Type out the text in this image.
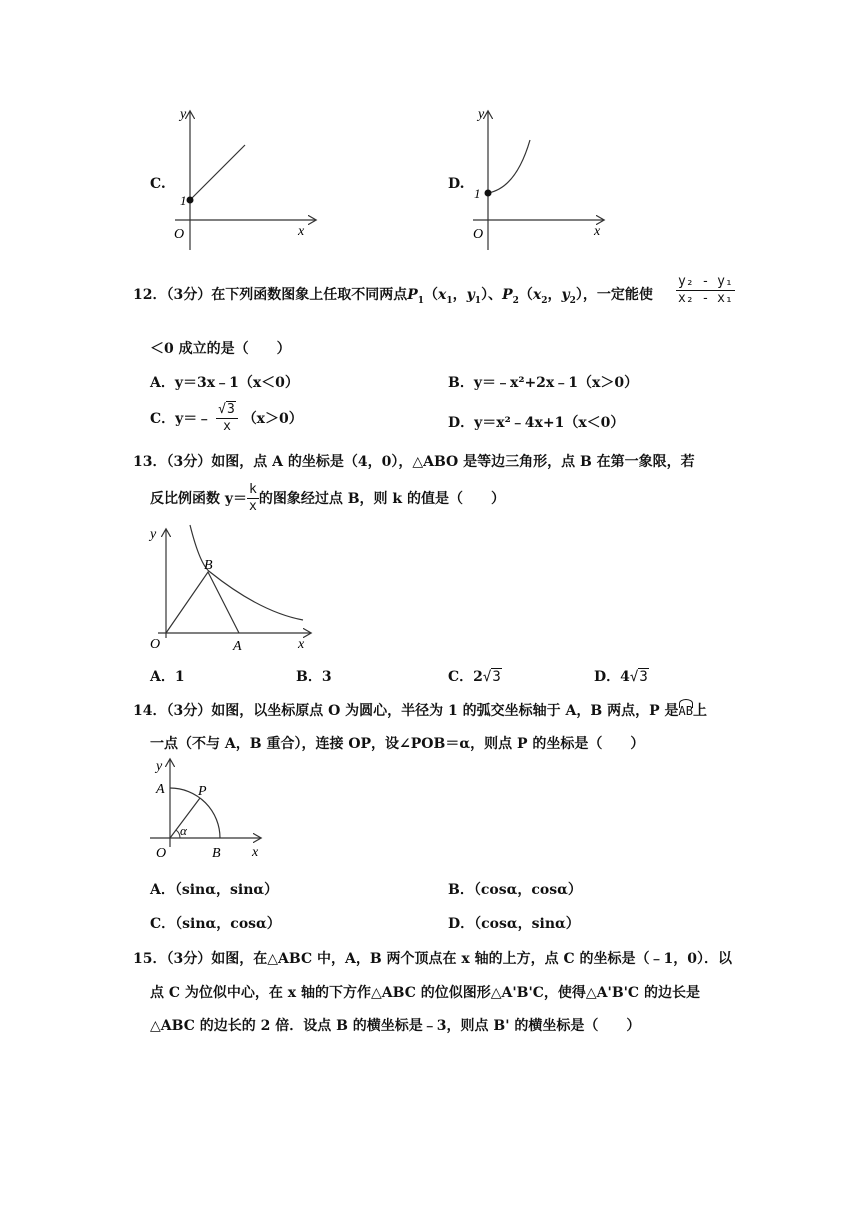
C.
y
x
O
1
D.
y
x
O
1
12．（3分）在下列函数图象上任取不同两点$P_1(x_1$，$y_1$）、$P_2(x_2$，$y_2$），一定能使 $\frac{\text{y₂ - y₁}}{\text{x₂ - x₁}}$
＜0 成立的是（　　）
A．y＝3x﹣1（x＜0）	B．y＝﹣x²+2x﹣1（x＞0）
C．y＝﹣ $\frac{√3}{x} (x>0)$	D．y＝x²﹣4x+1（x＜0）
13．（3分）如图，点 A 的坐标是（4，0），△ABO 是等边三角形，点 B 在第一象限，若
反比例函数 $y= \frac{k}{x}$ 的图象经过点 B，则 k 的值是（　　）
y
x
O	A
B
A．1	B．3	C．2√3	D．4√3
14．（3分）如图，以坐标原点 O 为圆心，半径为 1 的弧交坐标轴于 A，B 两点，P 是AB上
一点（不与 A，B 重合），连接 OP，设∠POB＝α，则点 P 的坐标是（　　）
y
x
O
A
B
P
α
A．（sinα，sinα）	B．（cosα，cosα）
C．（sinα，cosα）	D．（cosα，sinα）
15．（3分）如图，在△ABC 中，A，B 两个顶点在 x 轴的上方，点 C 的坐标是（﹣1，0）．以
点 C 为位似中心，在 x 轴的下方作△ABC 的位似图形△A'B'C，使得△A'B'C 的边长是
△ABC 的边长的 2 倍．设点 B 的横坐标是﹣3，则点 B' 的横坐标是（　　）
